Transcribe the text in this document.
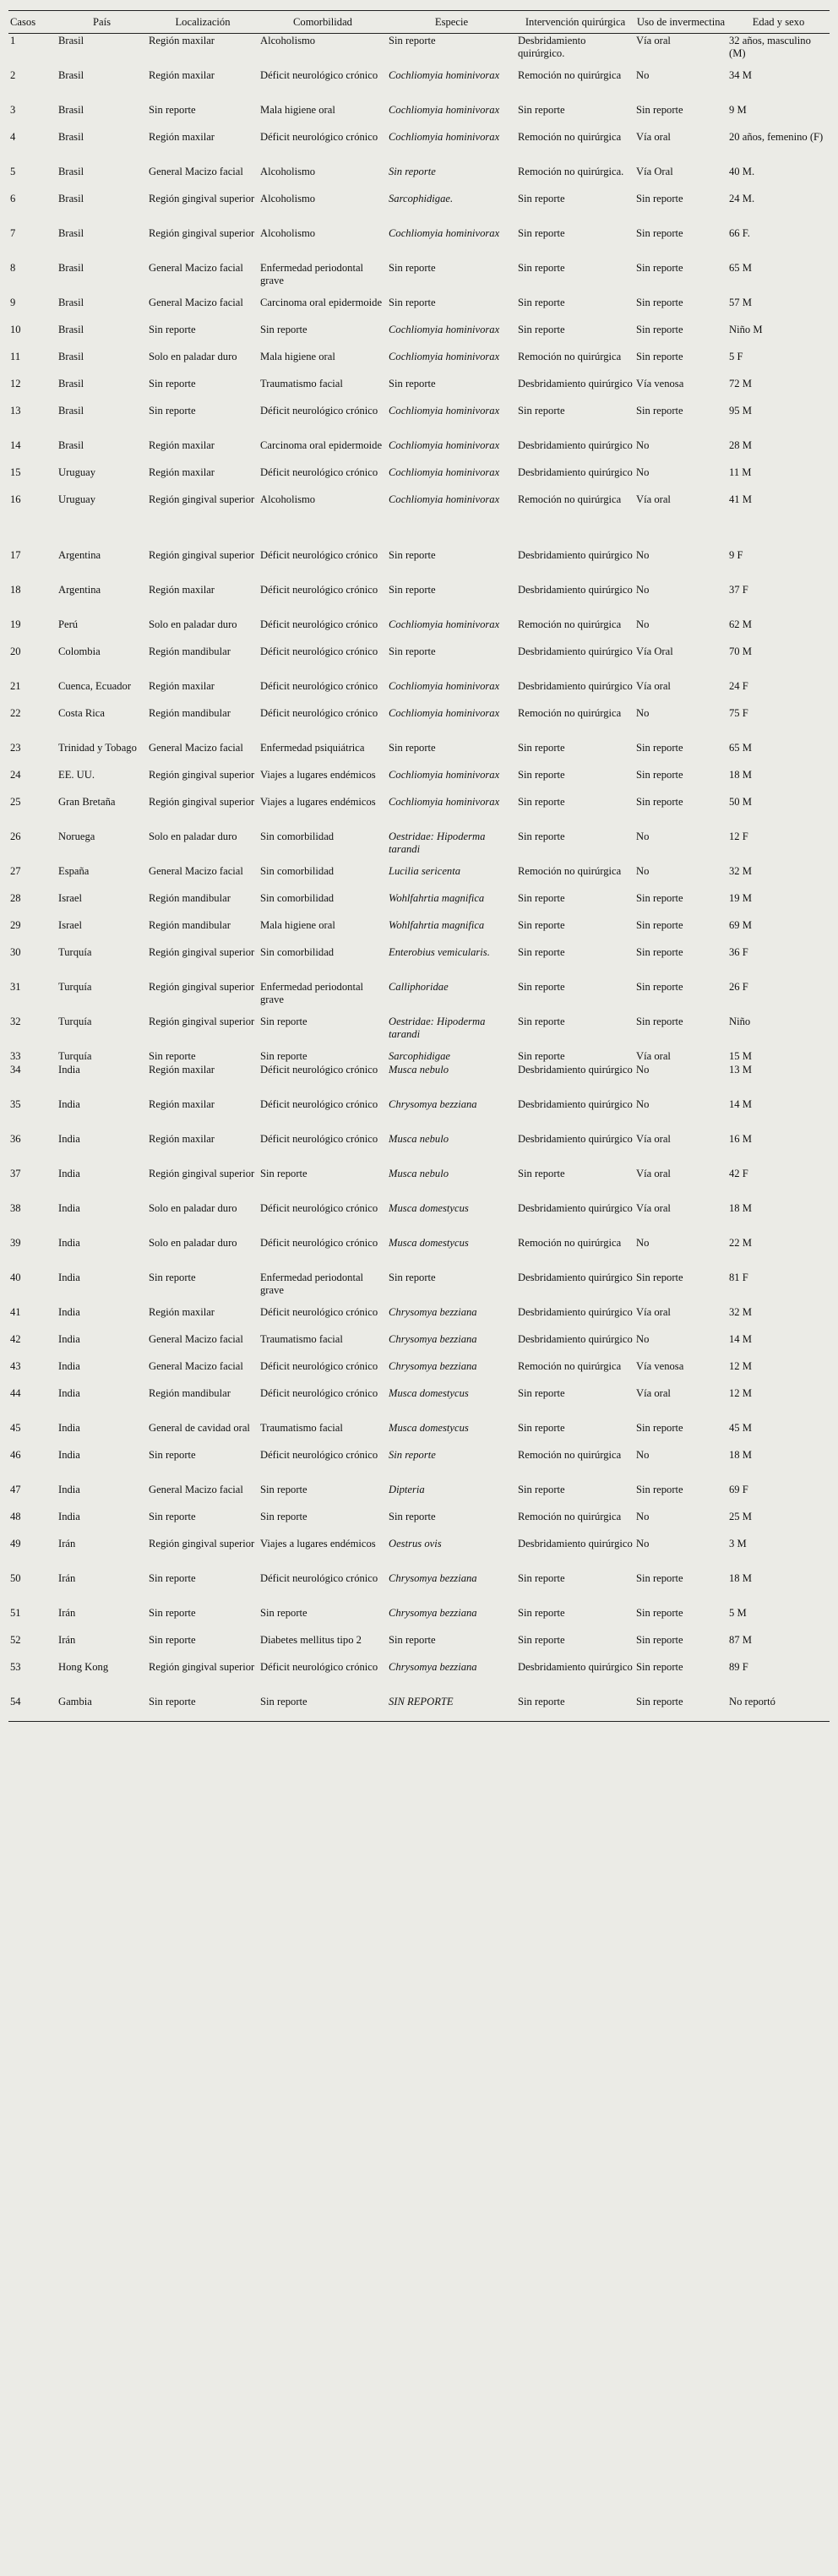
Casos	País	Localización	Comorbilidad	Especie	Intervención quirúrgica	Uso de invermectina	Edad y sexo
1	Brasil	Región maxilar	Alcoholismo	Sin reporte	Desbridamiento quirúrgico.	Vía oral	32 años, masculino (M)
2	Brasil	Región maxilar	Déficit neurológico crónico	Cochliomyia hominivorax	Remoción no quirúrgica	No	34 M
3	Brasil	Sin reporte	Mala higiene oral	Cochliomyia hominivorax	Sin reporte	Sin reporte	9 M
4	Brasil	Región maxilar	Déficit neurológico crónico	Cochliomyia hominivorax	Remoción no quirúrgica	Vía oral	20 años, femenino (F)
5	Brasil	General Macizo facial	Alcoholismo	Sin reporte	Remoción no quirúrgica.	Vía Oral	40 M.
6	Brasil	Región gingival superior	Alcoholismo	Sarcophidigae.	Sin reporte	Sin reporte	24 M.
7	Brasil	Región gingival superior	Alcoholismo	Cochliomyia hominivorax	Sin reporte	Sin reporte	66 F.
8	Brasil	General Macizo facial	Enfermedad periodontal grave	Sin reporte	Sin reporte	Sin reporte	65 M
9	Brasil	General Macizo facial	Carcinoma oral epidermoide	Sin reporte	Sin reporte	Sin reporte	57 M
10	Brasil	Sin reporte	Sin reporte	Cochliomyia hominivorax	Sin reporte	Sin reporte	Niño M
11	Brasil	Solo en paladar duro	Mala higiene oral	Cochliomyia hominivorax	Remoción no quirúrgica	Sin reporte	5 F
12	Brasil	Sin reporte	Traumatismo facial	Sin reporte	Desbridamiento quirúrgico	Vía venosa	72 M
13	Brasil	Sin reporte	Déficit neurológico crónico	Cochliomyia hominivorax	Sin reporte	Sin reporte	95 M
14	Brasil	Región maxilar	Carcinoma oral epidermoide	Cochliomyia hominivorax	Desbridamiento quirúrgico	No	28 M
15	Uruguay	Región maxilar	Déficit neurológico crónico	Cochliomyia hominivorax	Desbridamiento quirúrgico	No	11 M
16	Uruguay	Región gingival superior	Alcoholismo	Cochliomyia hominivorax	Remoción no quirúrgica	Vía oral	41 M
17	Argentina	Región gingival superior	Déficit neurológico crónico	Sin reporte	Desbridamiento quirúrgico	No	9 F
18	Argentina	Región maxilar	Déficit neurológico crónico	Sin reporte	Desbridamiento quirúrgico	No	37 F
19	Perú	Solo en paladar duro	Déficit neurológico crónico	Cochliomyia hominivorax	Remoción no quirúrgica	No	62 M
20	Colombia	Región mandibular	Déficit neurológico crónico	Sin reporte	Desbridamiento quirúrgico	Vía Oral	70 M
21	Cuenca, Ecuador	Región maxilar	Déficit neurológico crónico	Cochliomyia hominivorax	Desbridamiento quirúrgico	Vía oral	24 F
22	Costa Rica	Región mandibular	Déficit neurológico crónico	Cochliomyia hominivorax	Remoción no quirúrgica	No	75 F
23	Trinidad y Tobago	General Macizo facial	Enfermedad psiquiátrica	Sin reporte	Sin reporte	Sin reporte	65 M
24	EE. UU.	Región gingival superior	Viajes a lugares endémicos	Cochliomyia hominivorax	Sin reporte	Sin reporte	18 M
25	Gran Bretaña	Región gingival superior	Viajes a lugares endémicos	Cochliomyia hominivorax	Sin reporte	Sin reporte	50 M
26	Noruega	Solo en paladar duro	Sin comorbilidad	Oestridae: Hipoderma tarandi	Sin reporte	No	12 F
27	España	General Macizo facial	Sin comorbilidad	Lucilia sericenta	Remoción no quirúrgica	No	32 M
28	Israel	Región mandibular	Sin comorbilidad	Wohlfahrtia magnifica	Sin reporte	Sin reporte	19 M
29	Israel	Región mandibular	Mala higiene oral	Wohlfahrtia magnifica	Sin reporte	Sin reporte	69 M
30	Turquía	Región gingival superior	Sin comorbilidad	Enterobius vemicularis.	Sin reporte	Sin reporte	36 F
31	Turquía	Región gingival superior	Enfermedad periodontal grave	Calliphoridae	Sin reporte	Sin reporte	26 F
32	Turquía	Región gingival superior	Sin reporte	Oestridae: Hipoderma tarandi	Sin reporte	Sin reporte	Niño
33	Turquía	Sin reporte	Sin reporte	Sarcophidigae	Sin reporte	Vía oral	15 M
34	India	Región maxilar	Déficit neurológico crónico	Musca nebulo	Desbridamiento quirúrgico	No	13 M
35	India	Región maxilar	Déficit neurológico crónico	Chrysomya bezziana	Desbridamiento quirúrgico	No	14 M
36	India	Región maxilar	Déficit neurológico crónico	Musca nebulo	Desbridamiento quirúrgico	Vía oral	16 M
37	India	Región gingival superior	Sin reporte	Musca nebulo	Sin reporte	Vía oral	42 F
38	India	Solo en paladar duro	Déficit neurológico crónico	Musca domestycus	Desbridamiento quirúrgico	Vía oral	18 M
39	India	Solo en paladar duro	Déficit neurológico crónico	Musca domestycus	Remoción no quirúrgica	No	22 M
40	India	Sin reporte	Enfermedad periodontal grave	Sin reporte	Desbridamiento quirúrgico	Sin reporte	81 F
41	India	Región maxilar	Déficit neurológico crónico	Chrysomya bezziana	Desbridamiento quirúrgico	Vía oral	32 M
42	India	General Macizo facial	Traumatismo facial	Chrysomya bezziana	Desbridamiento quirúrgico	No	14 M
43	India	General Macizo facial	Déficit neurológico crónico	Chrysomya bezziana	Remoción no quirúrgica	Vía venosa	12 M
44	India	Región mandibular	Déficit neurológico crónico	Musca domestycus	Sin reporte	Vía oral	12 M
45	India	General de cavidad oral	Traumatismo facial	Musca domestycus	Sin reporte	Sin reporte	45 M
46	India	Sin reporte	Déficit neurológico crónico	Sin reporte	Remoción no quirúrgica	No	18 M
47	India	General Macizo facial	Sin reporte	Dipteria	Sin reporte	Sin reporte	69 F
48	India	Sin reporte	Sin reporte	Sin reporte	Remoción no quirúrgica	No	25 M
49	Irán	Región gingival superior	Viajes a lugares endémicos	Oestrus ovis	Desbridamiento quirúrgico	No	3 M
50	Irán	Sin reporte	Déficit neurológico crónico	Chrysomya bezziana	Sin reporte	Sin reporte	18 M
51	Irán	Sin reporte	Sin reporte	Chrysomya bezziana	Sin reporte	Sin reporte	5 M
52	Irán	Sin reporte	Diabetes mellitus tipo 2	Sin reporte	Sin reporte	Sin reporte	87 M
53	Hong Kong	Región gingival superior	Déficit neurológico crónico	Chrysomya bezziana	Desbridamiento quirúrgico	Sin reporte	89 F
54	Gambia	Sin reporte	Sin reporte	SIN REPORTE	Sin reporte	Sin reporte	No reportó
